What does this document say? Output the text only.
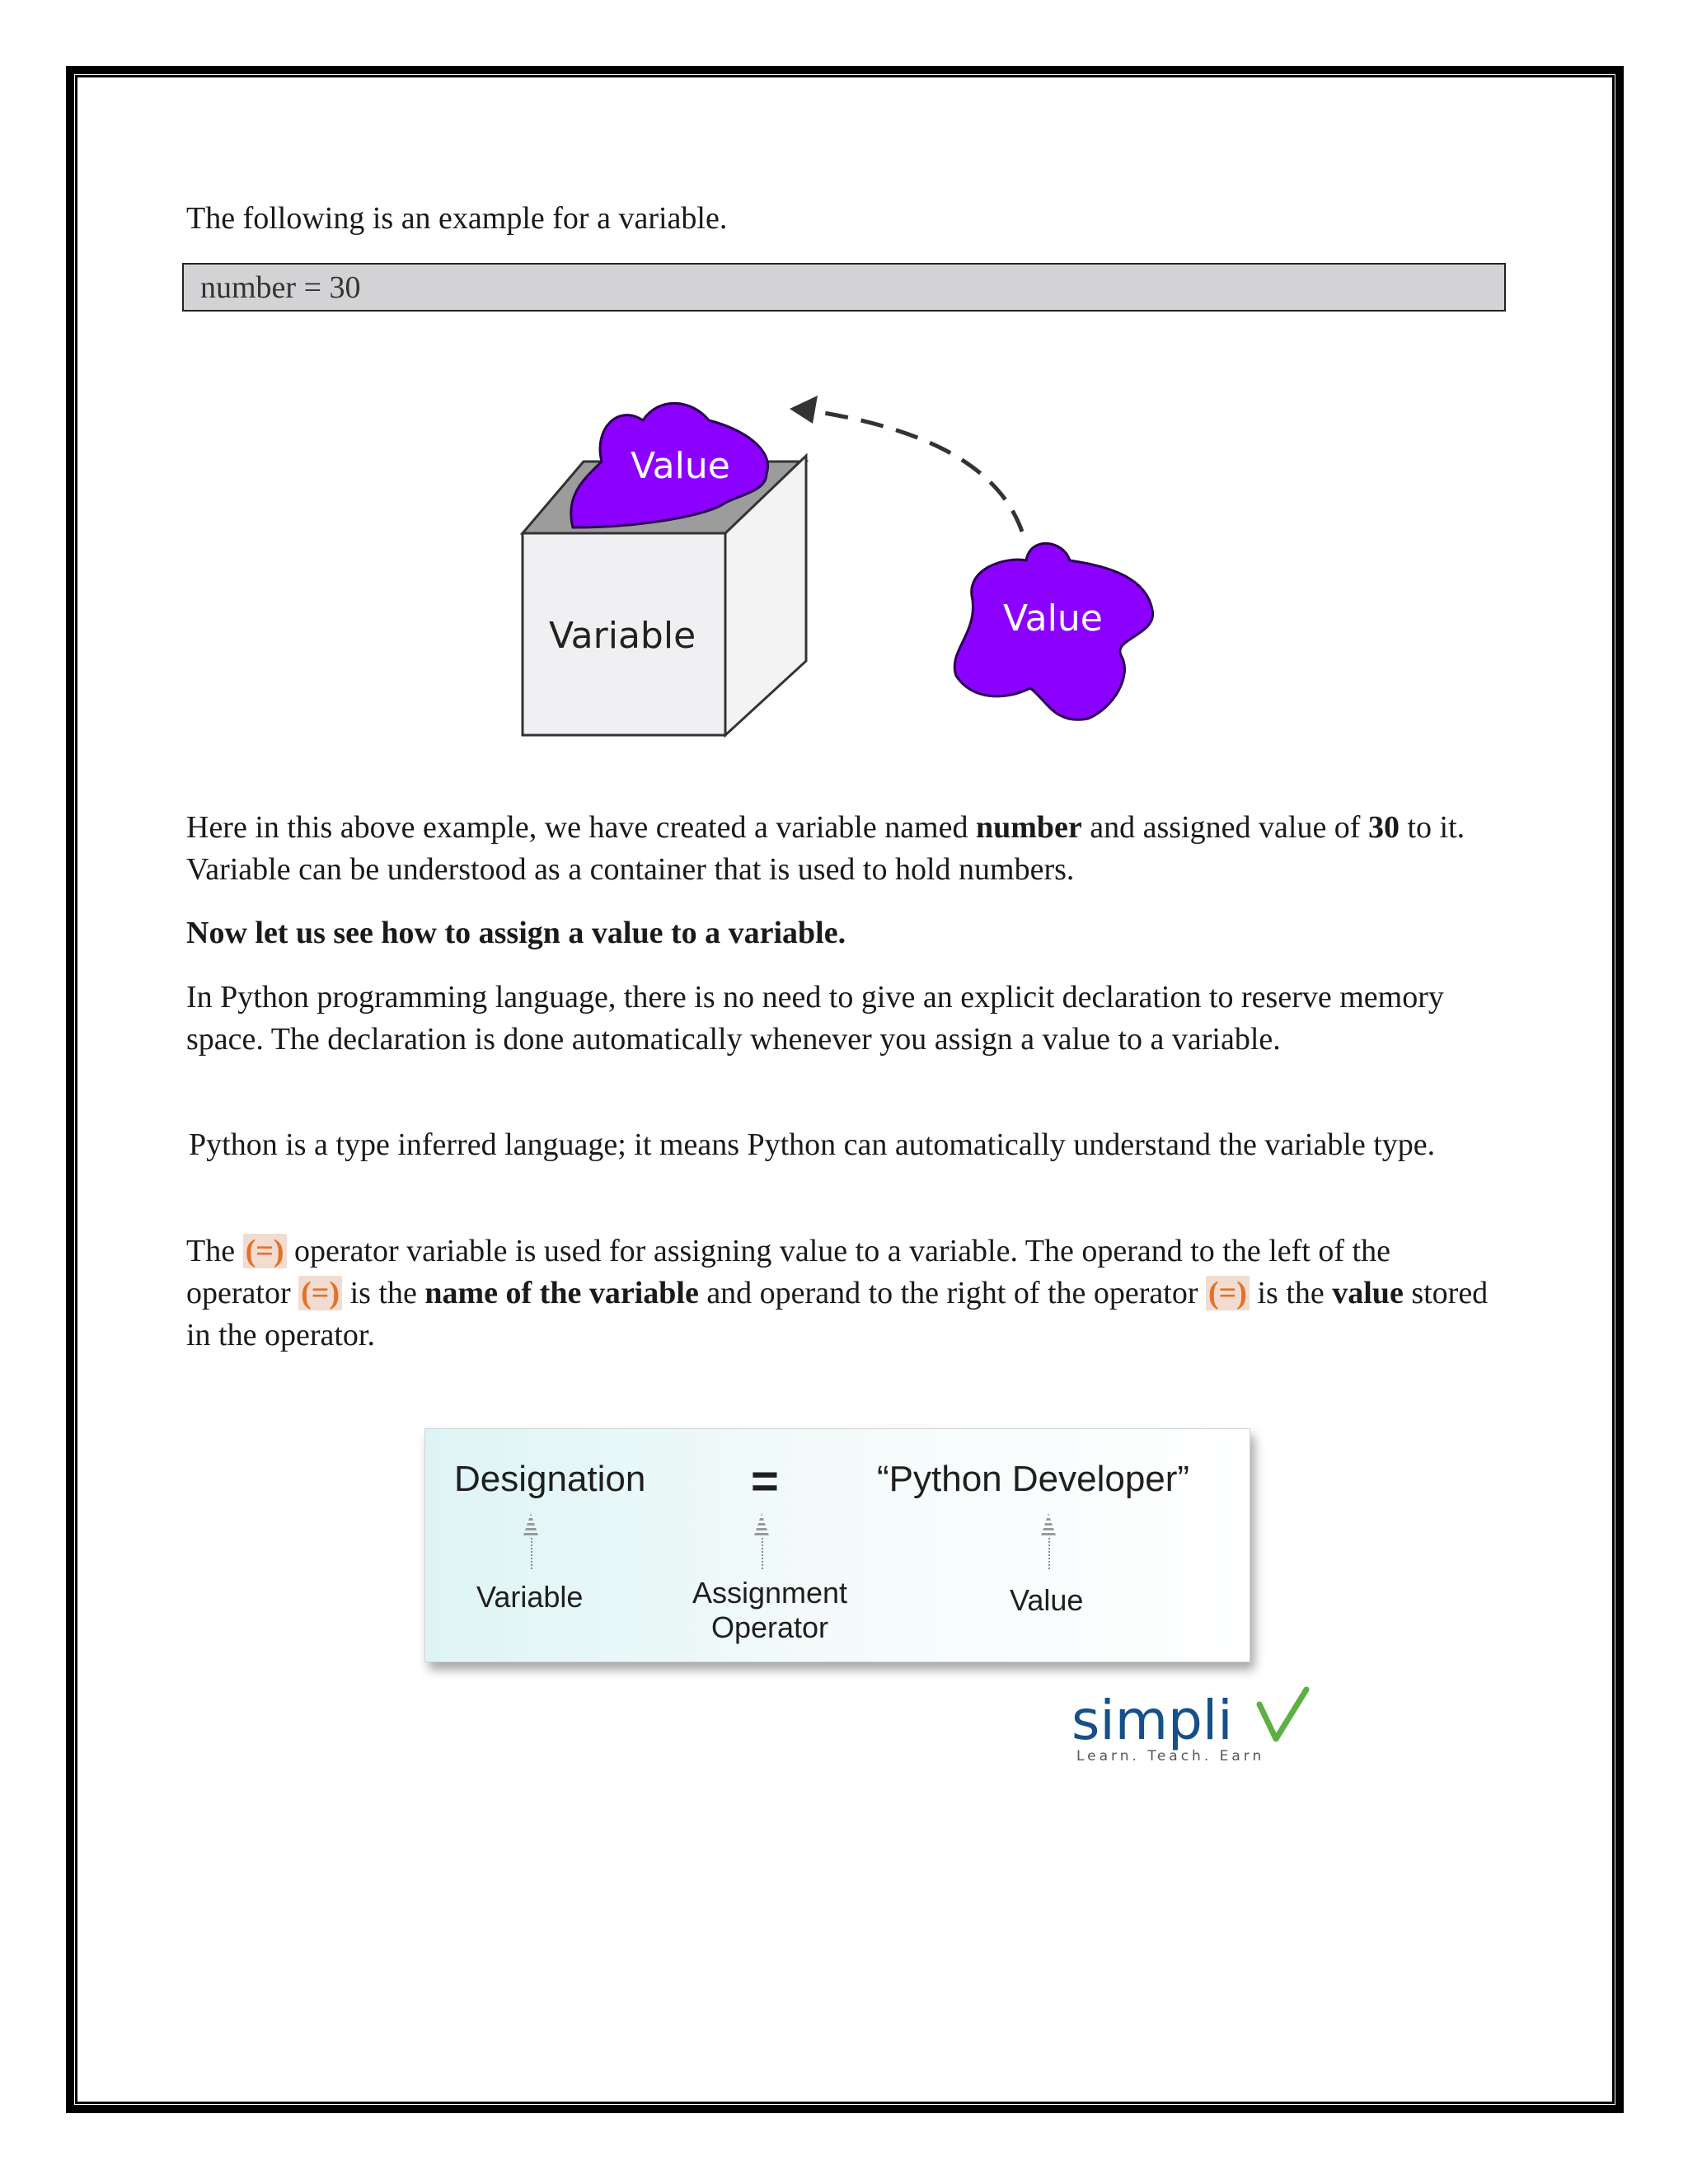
The following is an example for a variable.

number = 30
Value
Variable	Value

Here in this above example, we have created a variable named number and assigned value of 30 to it. Variable can be understood as a container that is used to hold numbers.

Now let us see how to assign a value to a variable.

In Python programming language, there is no need to give an explicit declaration to reserve memory space. The declaration is done automatically whenever you assign a value to a variable.

Python is a type inferred language; it means Python can automatically understand the variable type.

The (=) operator variable is used for assigning value to a variable. The operand to the left of the operator (=) is the name of the variable and operand to the right of the operator (=) is the value stored in the operator.

Designation =	“Python Developer”
Variable	Assignment
Operator
Value
simpli
Learn. Teach. Earn
